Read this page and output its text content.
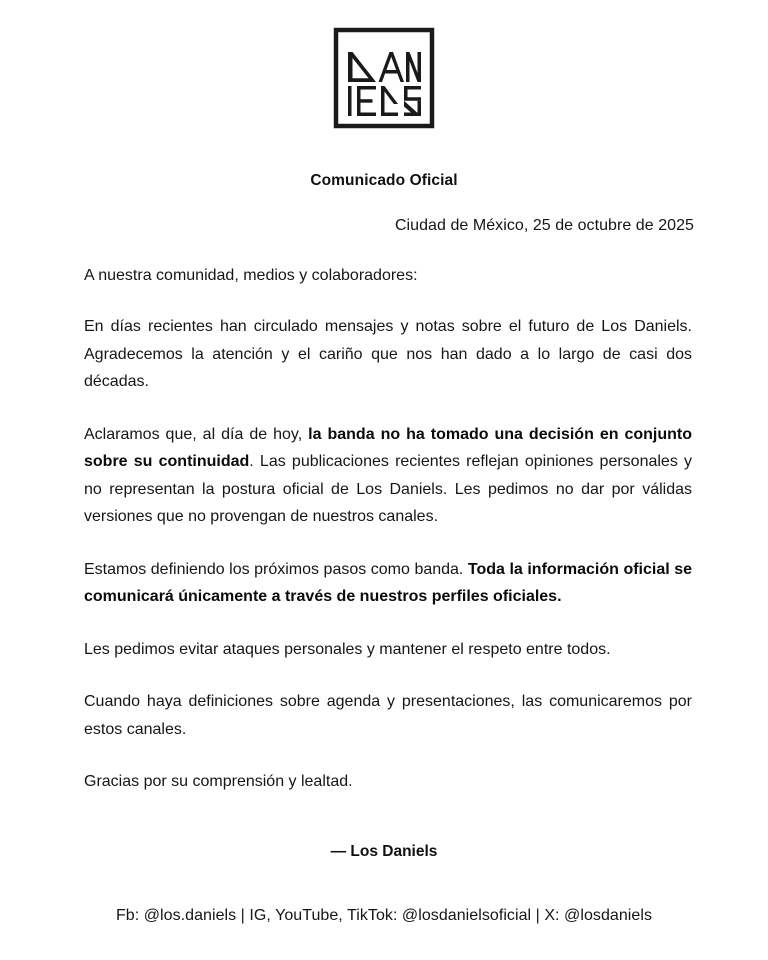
Comunicado Oficial
Ciudad de México, 25 de octubre de 2025

A nuestra comunidad, medios y colaboradores:

En días recientes han circulado mensajes y notas sobre el futuro de Los Daniels. Agradecemos la atención y el cariño que nos han dado a lo largo de casi dos décadas.

Aclaramos que, al día de hoy, la banda no ha tomado una decisión en conjunto sobre su continuidad. Las publicaciones recientes reflejan opiniones personales y no representan la postura oficial de Los Daniels. Les pedimos no dar por válidas versiones que no provengan de nuestros canales.

Estamos definiendo los próximos pasos como banda. Toda la información oficial se comunicará únicamente a través de nuestros perfiles oficiales.

Les pedimos evitar ataques personales y mantener el respeto entre todos.

Cuando haya definiciones sobre agenda y presentaciones, las comunicaremos por estos canales.

Gracias por su comprensión y lealtad.

— Los Daniels
Fb: @los.daniels | IG, YouTube, TikTok: @losdanielsoficial | X: @losdaniels
